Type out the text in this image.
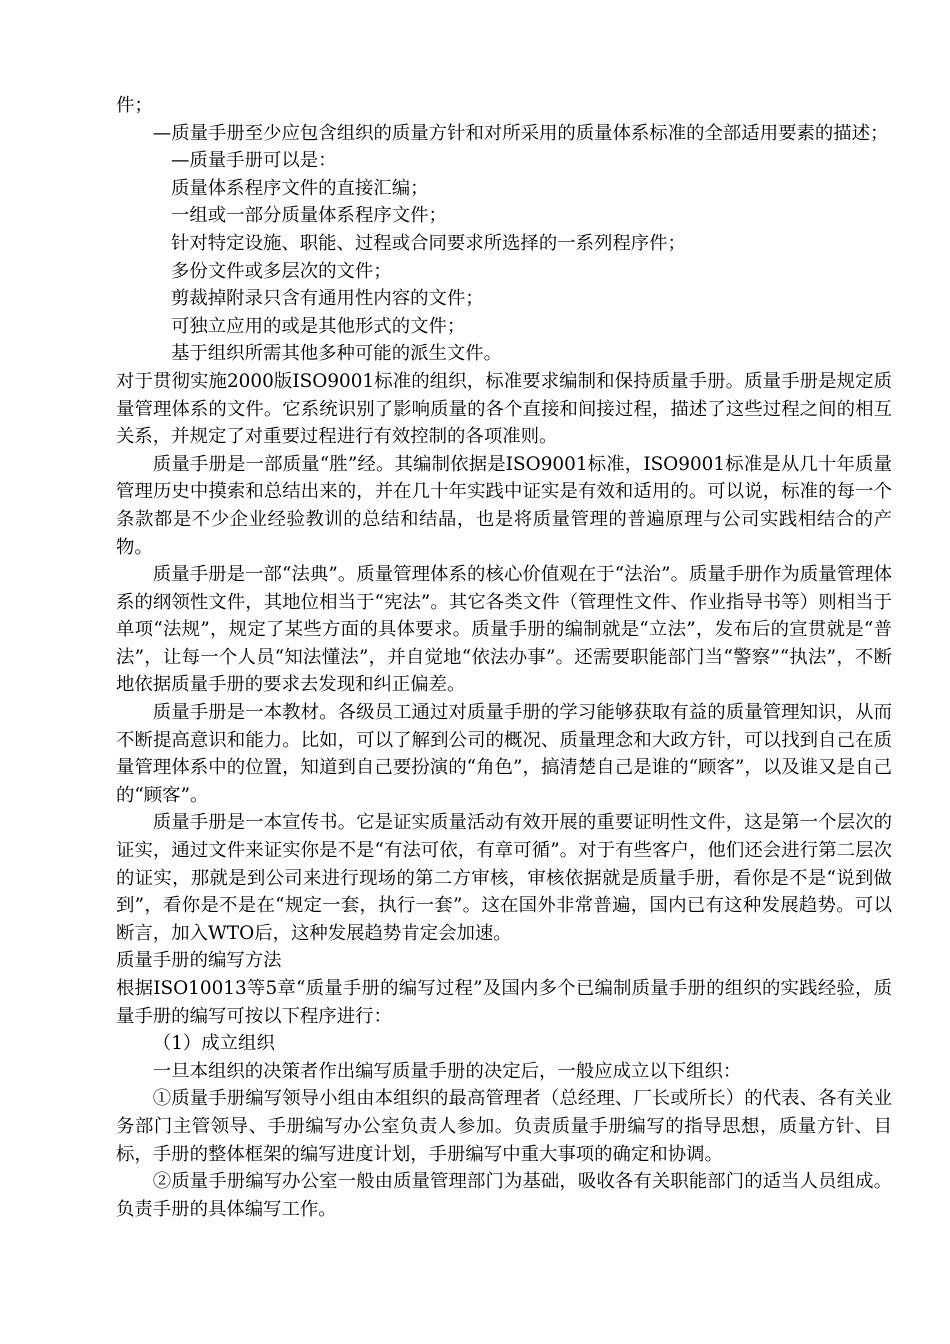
件；

—质量手册至少应包含组织的质量方针和对所采用的质量体系标准的全部适用要素的描述；

—质量手册可以是：

质量体系程序文件的直接汇编；

一组或一部分质量体系程序文件；

针对特定设施、职能、过程或合同要求所选择的一系列程序件；

多份文件或多层次的文件；

剪裁掉附录只含有通用性内容的文件；

可独立应用的或是其他形式的文件；

基于组织所需其他多种可能的派生文件。

对于贯彻实施2000版ISO9001标准的组织，标准要求编制和保持质量手册。质量手册是规定质量管理体系的文件。它系统识别了影响质量的各个直接和间接过程，描述了这些过程之间的相互关系，并规定了对重要过程进行有效控制的各项准则。

质量手册是一部质量“胜”经。其编制依据是ISO9001标准，ISO9001标准是从几十年质量管理历史中摸索和总结出来的，并在几十年实践中证实是有效和适用的。可以说，标准的每一个条款都是不少企业经验教训的总结和结晶，也是将质量管理的普遍原理与公司实践相结合的产物。

质量手册是一部“法典”。质量管理体系的核心价值观在于“法治”。质量手册作为质量管理体系的纲领性文件，其地位相当于“宪法”。其它各类文件（管理性文件、作业指导书等）则相当于单项“法规”，规定了某些方面的具体要求。质量手册的编制就是“立法”，发布后的宣贯就是“普法”，让每一个人员“知法懂法”，并自觉地“依法办事”。还需要职能部门当“警察”“执法”，不断地依据质量手册的要求去发现和纠正偏差。

质量手册是一本教材。各级员工通过对质量手册的学习能够获取有益的质量管理知识，从而不断提高意识和能力。比如，可以了解到公司的概况、质量理念和大政方针，可以找到自己在质量管理体系中的位置，知道到自己要扮演的“角色”，搞清楚自己是谁的“顾客”，以及谁又是自己的“顾客”。

质量手册是一本宣传书。它是证实质量活动有效开展的重要证明性文件，这是第一个层次的证实，通过文件来证实你是不是“有法可依，有章可循”。对于有些客户，他们还会进行第二层次的证实，那就是到公司来进行现场的第二方审核，审核依据就是质量手册，看你是不是“说到做到”，看你是不是在“规定一套，执行一套”。这在国外非常普遍，国内已有这种发展趋势。可以断言，加入WTO后，这种发展趋势肯定会加速。

质量手册的编写方法

根据ISO10013等5章“质量手册的编写过程”及国内多个已编制质量手册的组织的实践经验，质量手册的编写可按以下程序进行：

（1）成立组织

一旦本组织的决策者作出编写质量手册的决定后，一般应成立以下组织：

①质量手册编写领导小组由本组织的最高管理者（总经理、厂长或所长）的代表、各有关业务部门主管领导、手册编写办公室负责人参加。负责质量手册编写的指导思想，质量方针、目标，手册的整体框架的编写进度计划，手册编写中重大事项的确定和协调。

②质量手册编写办公室一般由质量管理部门为基础，吸收各有关职能部门的适当人员组成。负责手册的具体编写工作。
